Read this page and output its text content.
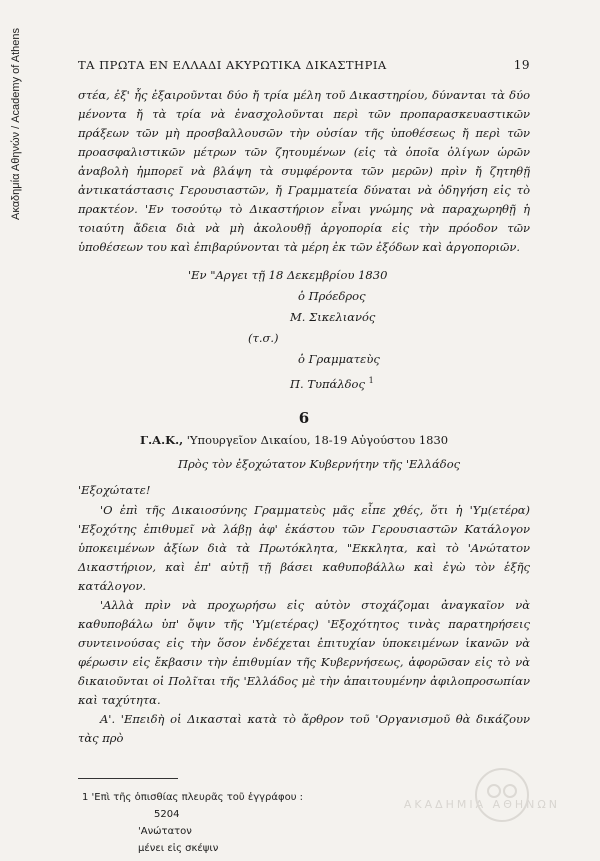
Ακαδημία Αθηνών / Academy of Athens	ΤΑ ΠΡΩΤΑ ΕΝ ΕΛΛΑΔΙ ΑΚΥΡΩΤΙΚΑ ΔΙΚΑΣΤΗΡΙΑ	19

στέα, ἐξ' ἧς ἐξαιροῦνται δύο ἤ τρία μέλη τοῦ Δικαστηρίου, δύνανται τὰ δύο μένοντα ἤ τὰ τρία νὰ ἐνασχολοῦνται περὶ τῶν προπαρασκευαστικῶν πράξεων τῶν μὴ προσβαλλουσῶν τὴν οὐσίαν τῆς ὑποθέσεως ἤ περὶ τῶν προασφαλιστικῶν μέτρων τῶν ζητουμένων (εἰς τὰ ὁποῖα ὀλίγων ὡρῶν ἀναβολὴ ἠμπορεῖ νὰ βλάψη τὰ συμφέροντα τῶν μερῶν) πρὶν ἤ ζητηθῇ ἀντικατάστασις Γερουσιαστῶν, ἤ Γραμματεία δύναται νὰ ὁδηγήση εἰς τὸ πρακτέον. 'Εν τοσούτῳ τὸ Δικαστήριον εἶναι γνώμης νὰ παραχωρηθῇ ἡ τοιαύτη ἄδεια διὰ νὰ μὴ ἀκολουθῇ ἀργοπορία εἰς τὴν πρόοδον τῶν ὑποθέσεων του καὶ ἐπιβαρύνονται τὰ μέρη ἐκ τῶν ἐξόδων καὶ ἀργοποριῶν.

'Εν "Αργει τῇ 18 Δεκεμβρίου 1830
ὁ Πρόεδρος
Μ. Σικελιανός
(τ.σ.)
ὁ Γραμματεὺς
Π. Τυπάλδος $^1$
6
Γ.Α.Κ., 'Υπουργεῖον Δικαίου, 18-19 Αὐγούστου 1830
Πρὸς τὸν ἐξοχώτατον Κυβερνήτην τῆς 'Ελλάδος
'Εξοχώτατε!

'Ο ἐπὶ τῆς Δικαιοσύνης Γραμματεὺς μᾶς εἶπε χθές, ὅτι ἡ 'Υμ(ετέρα) 'Εξοχότης ἐπιθυμεῖ νὰ λάβῃ ἀφ' ἑκάστου τῶν Γερουσιαστῶν Κατάλογον ὑποκειμένων ἀξίων διὰ τὰ Πρωτόκλητα, "Εκκλητα, καὶ τὸ 'Ανώτατον Δικαστήριον, καὶ ἐπ' αὐτῇ τῇ βάσει καθυποβάλλω καὶ ἐγὼ τὸν ἑξῆς κατάλογον.

'Αλλὰ πρὶν νὰ προχωρήσω εἰς αὐτὸν στοχάζομαι ἀναγκαῖον νὰ καθυποβάλω ὑπ' ὄψιν τῆς 'Υμ(ετέρας) 'Εξοχότητος τινὰς παρατηρήσεις συντεινούσας εἰς τὴν ὅσον ἐνδέχεται ἐπιτυχίαν ὑποκειμένων ἱκανῶν νὰ φέρωσιν εἰς ἔκβασιν τὴν ἐπιθυμίαν τῆς Κυβερνήσεως, ἀφορῶσαν εἰς τὸ νὰ δικαιοῦνται οἱ Πολῖται τῆς 'Ελλάδος μὲ τὴν ἀπαιτουμένην ἀφιλοπροσωπίαν καὶ ταχύτητα.

Α'. 'Επειδὴ οἱ Δικασταὶ κατὰ τὸ ἄρθρον τοῦ 'Οργανισμοῦ θὰ δικάζουν τὰς πρὸ

1 'Επὶ τῆς ὀπισθίας πλευρᾶς τοῦ ἐγγράφου :
5204
'Ανώτατον
μένει εἰς σκέψιν
ΑΚΑΔΗΜΙΑ ΑΘΗΝΩΝ
